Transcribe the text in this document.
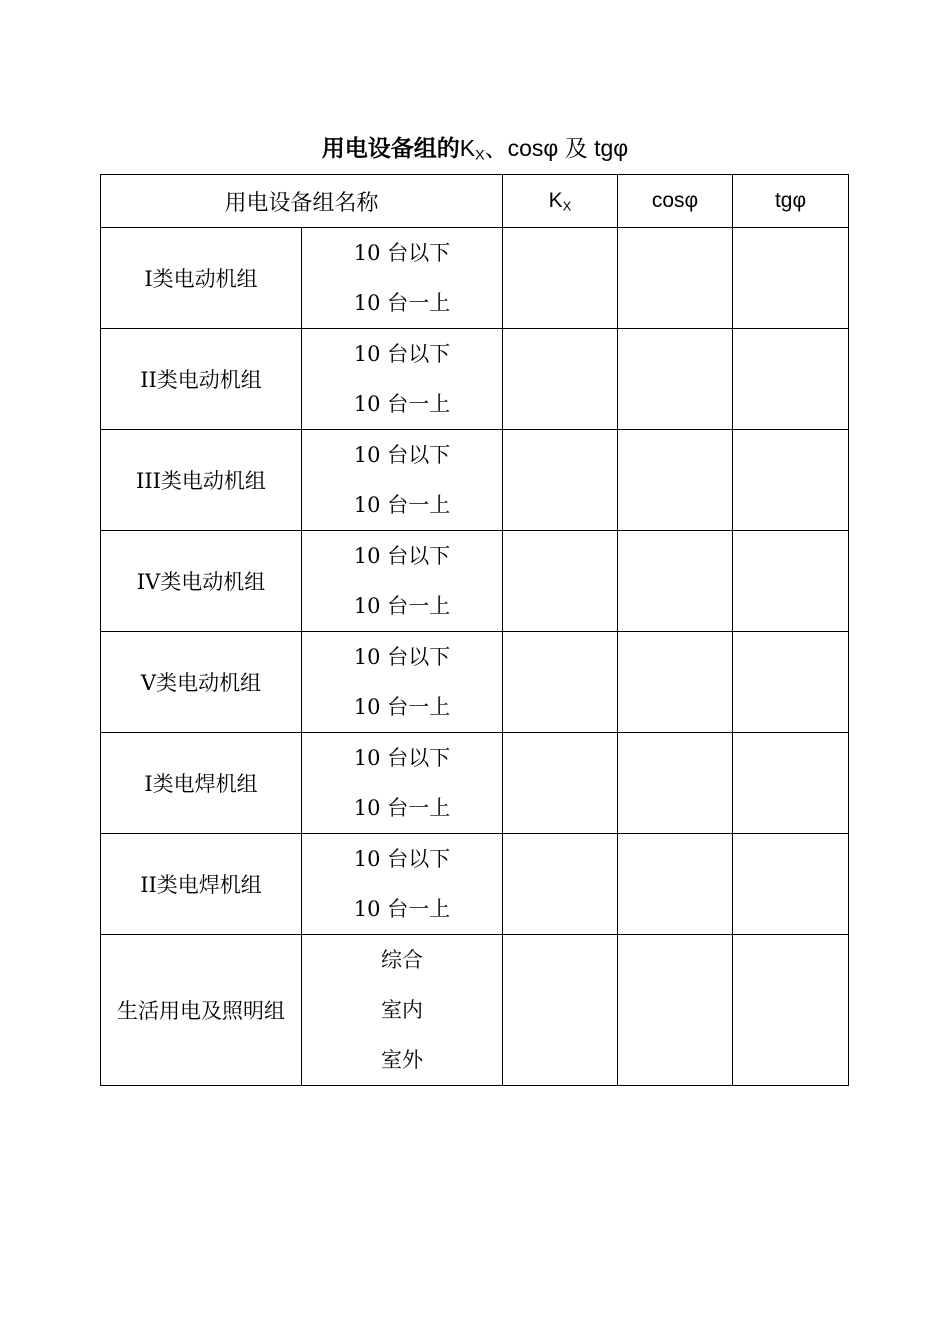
用电设备组的$K_X$、cosφ 及 tgφ
用电设备组名称		$K_X$	cosφ	tgφ
I类电动机组	10 台以下
10 台一上			

II类电动机组	10 台以下
10 台一上			

III类电动机组	10 台以下
10 台一上			

IV类电动机组	10 台以下
10 台一上			

V类电动机组	10 台以下
10 台一上			

I类电焊机组	10 台以下
10 台一上			

II类电焊机组	10 台以下
10 台一上			

生活用电及照明组	综合
室内
室外			
